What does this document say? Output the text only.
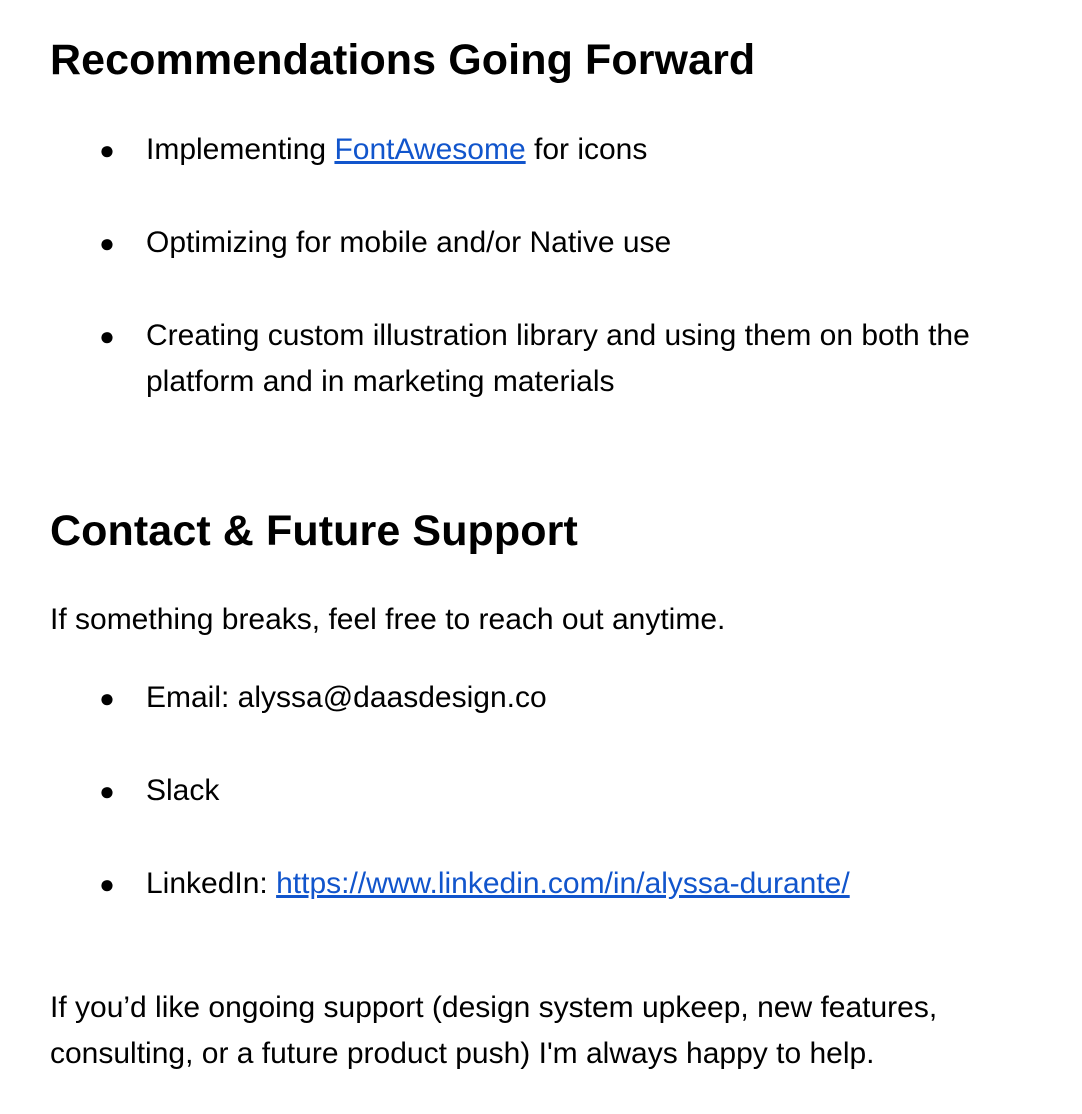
Recommendations Going Forward
● Implementing FontAwesome for icons
● Optimizing for mobile and/or Native use
● Creating custom illustration library and using them on both the
platform and in marketing materials
Contact & Future Support

If something breaks, feel free to reach out anytime.

● Email: alyssa@daasdesign.co
● Slack
● LinkedIn: https://www.linkedin.com/in/alyssa-durante/

If you’d like ongoing support (design system upkeep, new features,
consulting, or a future product push) I'm always happy to help.
